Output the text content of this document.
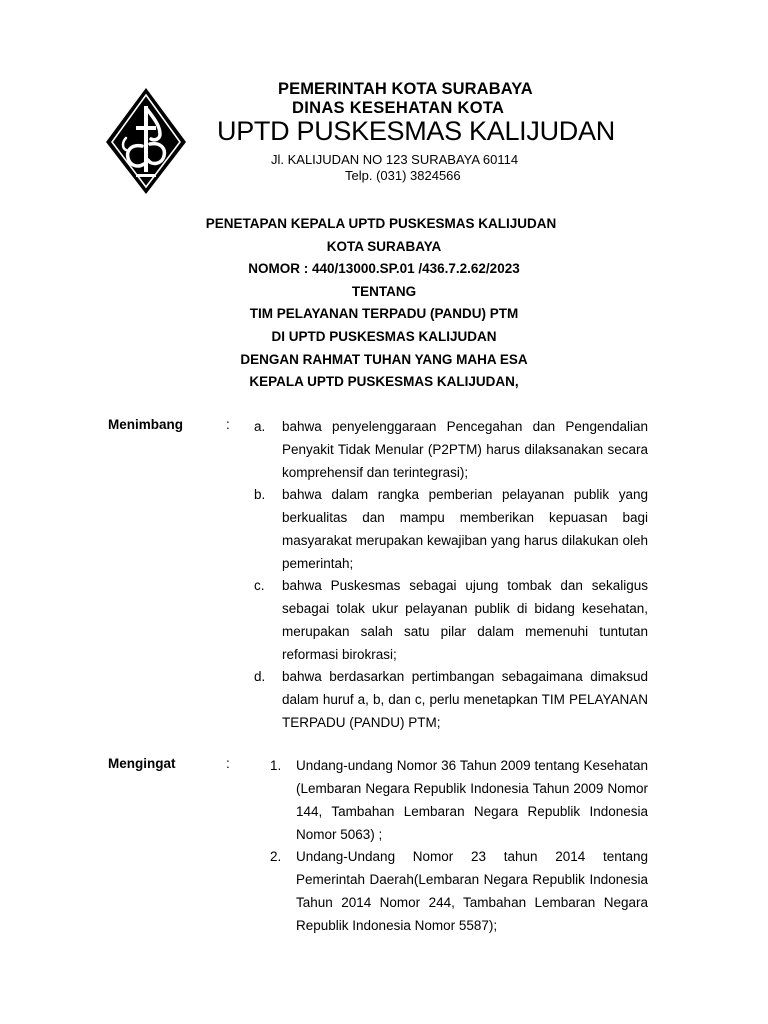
PEMERINTAH KOTA SURABAYA
DINAS KESEHATAN KOTA
UPTD PUSKESMAS KALIJUDAN
Jl. KALIJUDAN NO 123 SURABAYA 60114
Telp. (031) 3824566
PENETAPAN KEPALA UPTD PUSKESMAS KALIJUDAN
KOTA SURABAYA
NOMOR : 440/13000.SP.01 /436.7.2.62/2023
TENTANG
TIM PELAYANAN TERPADU (PANDU) PTM
DI UPTD PUSKESMAS KALIJUDAN
DENGAN RAHMAT TUHAN YANG MAHA ESA
KEPALA UPTD PUSKESMAS KALIJUDAN,
Menimbang	: a. bahwa penyelenggaraan Pencegahan dan Pengendalian Penyakit Tidak Menular (P2PTM) harus dilaksanakan secara komprehensif dan terintegrasi);
b. bahwa dalam rangka pemberian pelayanan publik yang berkualitas dan mampu memberikan kepuasan bagi masyarakat merupakan kewajiban yang harus dilakukan oleh pemerintah;
c. bahwa Puskesmas sebagai ujung tombak dan sekaligus sebagai tolak ukur pelayanan publik di bidang kesehatan, merupakan salah satu pilar dalam memenuhi tuntutan reformasi birokrasi;
d. bahwa berdasarkan pertimbangan sebagaimana dimaksud dalam huruf a, b, dan c, perlu menetapkan TIM PELAYANAN TERPADU (PANDU) PTM;
Mengingat	:	1. Undang-undang Nomor 36 Tahun 2009 tentang Kesehatan (Lembaran Negara Republik Indonesia Tahun 2009 Nomor 144, Tambahan Lembaran Negara Republik Indonesia Nomor 5063) ;
2. Undang-Undang Nomor 23 tahun 2014 tentang Pemerintah Daerah(Lembaran Negara Republik Indonesia Tahun 2014 Nomor 244, Tambahan Lembaran Negara Republik Indonesia Nomor 5587);
